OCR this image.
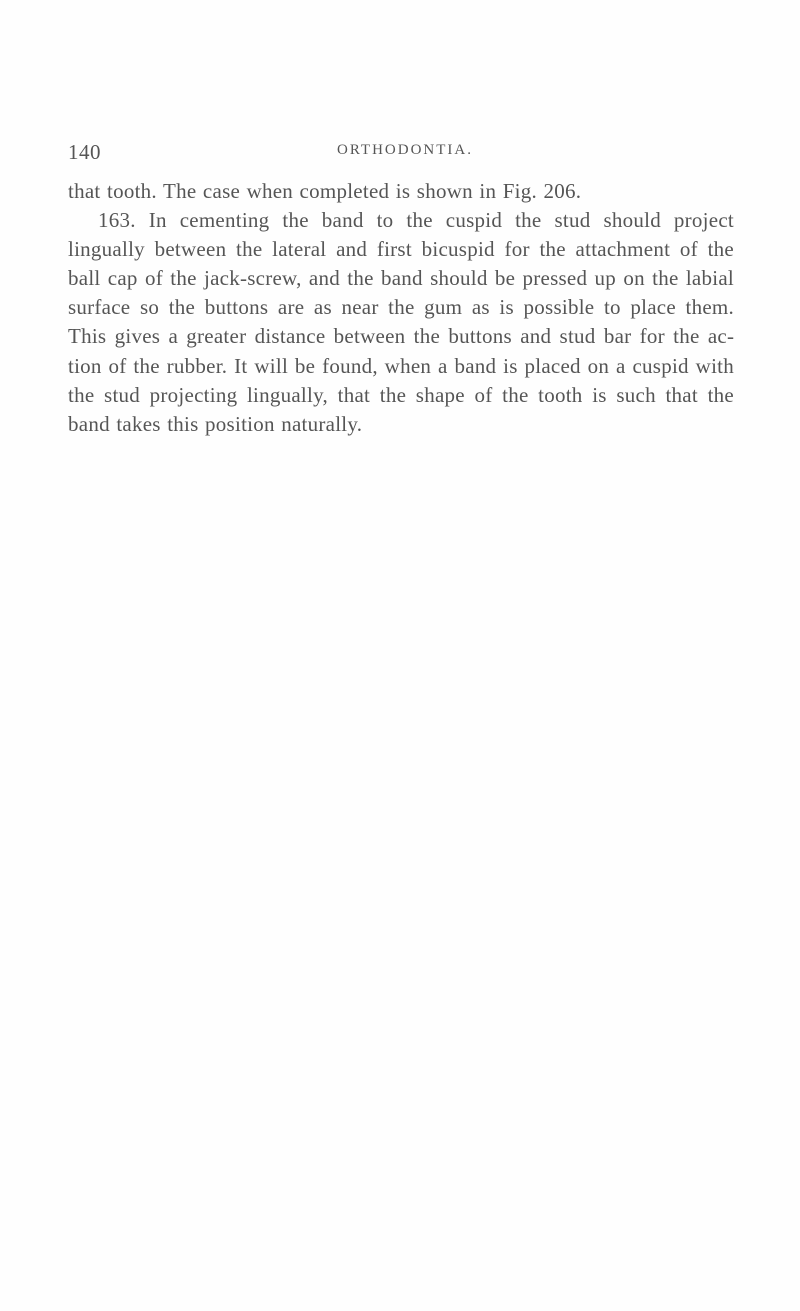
140	ORTHODONTIA.

that tooth. The case when completed is shown in Fig. 206.

163. In cementing the band to the cuspid the stud should project lingually between the lateral and first bicuspid for the attachment of the ball cap of the jack-screw, and the band should be pressed up on the labial surface so the buttons are as near the gum as is possible to place them. This gives a greater distance between the buttons and stud bar for the action of the rubber. It will be found, when a band is placed on a cuspid with the stud projecting lingually, that the shape of the tooth is such that the band takes this position naturally.
